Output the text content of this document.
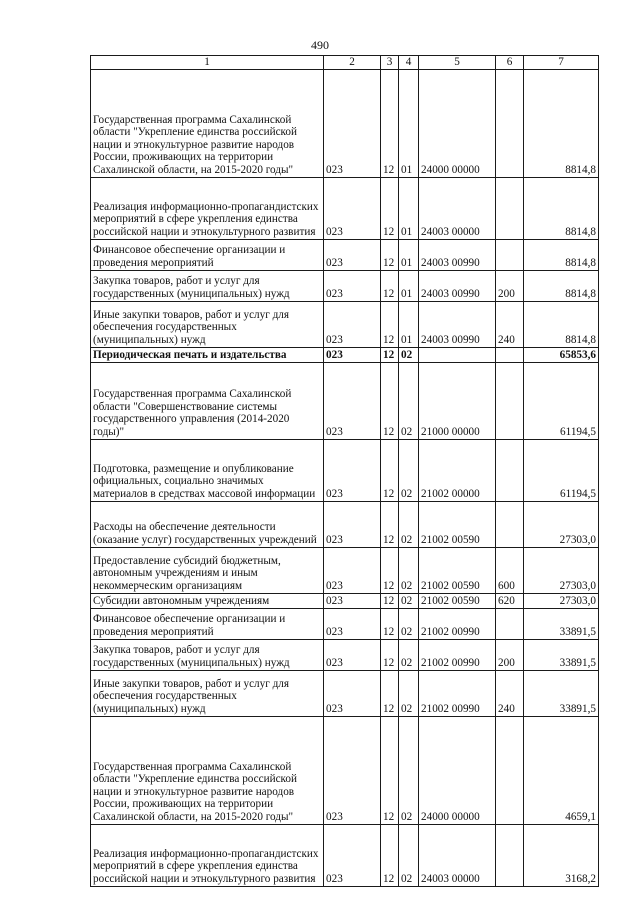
490
1	2	3	4	5	6	7
Государственная программа Сахалинской области "Укрепление единства российской нации и этнокультурное развитие народов России, проживающих на территории Сахалинской области, на 2015-2020 годы"	023	12	01	24000 00000		8814,8
Реализация информационно-пропагандистских мероприятий в сфере укрепления единства российской нации и этнокультурного развития	023	12	01	24003 00000		8814,8
Финансовое обеспечение организации и проведения мероприятий	023	12	01	24003 00990		8814,8
Закупка товаров, работ и услуг для государственных (муниципальных) нужд	023	12	01	24003 00990	200	8814,8
Иные закупки товаров, работ и услуг для обеспечения государственных (муниципальных) нужд	023	12	01	24003 00990	240	8814,8
Периодическая печать и издательства	023	12	02			65853,6
Государственная программа Сахалинской области "Совершенствование системы государственного управления (2014-2020 годы)"	023	12	02	21000 00000		61194,5
Подготовка, размещение и опубликование официальных, социально значимых материалов в средствах массовой информации	023	12	02	21002 00000		61194,5
Расходы на обеспечение деятельности (оказание услуг) государственных учреждений	023	12	02	21002 00590		27303,0
Предоставление субсидий бюджетным, автономным учреждениям и иным некоммерческим организациям	023	12	02	21002 00590	600	27303,0
Субсидии автономным учреждениям	023	12	02	21002 00590	620	27303,0
Финансовое обеспечение организации и проведения мероприятий	023	12	02	21002 00990		33891,5
Закупка товаров, работ и услуг для государственных (муниципальных) нужд	023	12	02	21002 00990	200	33891,5
Иные закупки товаров, работ и услуг для обеспечения государственных (муниципальных) нужд	023	12	02	21002 00990	240	33891,5
Государственная программа Сахалинской области "Укрепление единства российской нации и этнокультурное развитие народов России, проживающих на территории Сахалинской области, на 2015-2020 годы"	023	12	02	24000 00000		4659,1
Реализация информационно-пропагандистских мероприятий в сфере укрепления единства российской нации и этнокультурного развития	023	12	02	24003 00000		3168,2
